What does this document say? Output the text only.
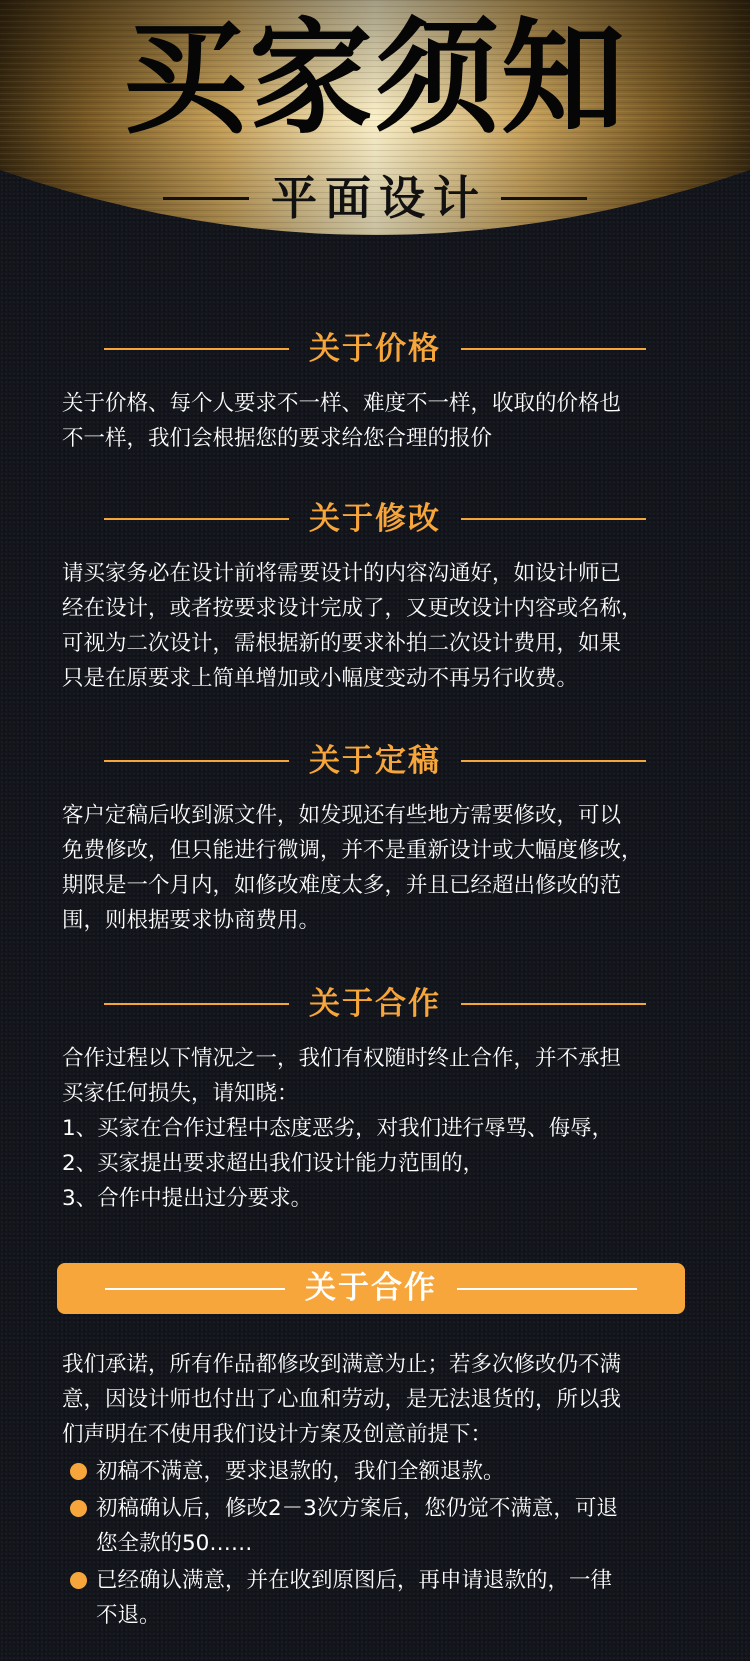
买家须知
平面设计
关于价格

关于价格、每个人要求不一样、难度不一样，收取的价格也

不一样，我们会根据您的要求给您合理的报价

关于修改

请买家务必在设计前将需要设计的内容沟通好，如设计师已

经在设计，或者按要求设计完成了，又更改设计内容或名称，

可视为二次设计，需根据新的要求补拍二次设计费用，如果

只是在原要求上简单增加或小幅度变动不再另行收费。

关于定稿

客户定稿后收到源文件，如发现还有些地方需要修改，可以

免费修改，但只能进行微调，并不是重新设计或大幅度修改，

期限是一个月内，如修改难度太多，并且已经超出修改的范

围，则根据要求协商费用。

关于合作

合作过程以下情况之一，我们有权随时终止合作，并不承担

买家任何损失，请知晓：

1、买家在合作过程中态度恶劣，对我们进行辱骂、侮辱，

2、买家提出要求超出我们设计能力范围的，

3、合作中提出过分要求。

关于合作

我们承诺，所有作品都修改到满意为止；若多次修改仍不满

意，因设计师也付出了心血和劳动，是无法退货的，所以我

们声明在不使用我们设计方案及创意前提下：

初稿不满意，要求退款的，我们全额退款。
初稿确认后，修改2－3次方案后，您仍觉不满意，可退
您全款的50……
已经确认满意，并在收到原图后，再申请退款的，一律
不退。
